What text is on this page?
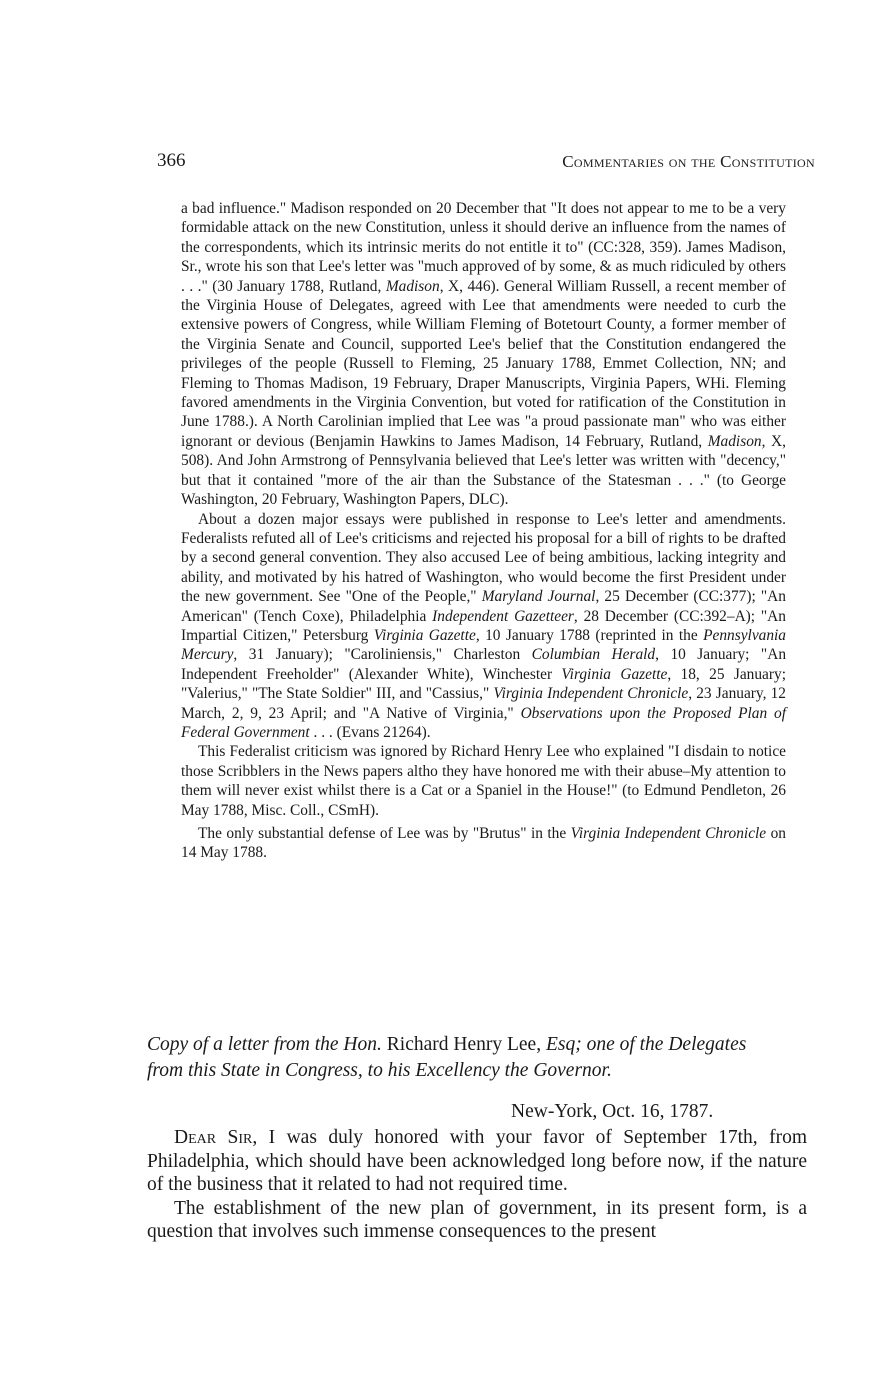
366	Commentaries on the Constitution

a bad influence." Madison responded on 20 December that "It does not appear to me to be a very formidable attack on the new Constitution, unless it should derive an influence from the names of the correspondents, which its intrinsic merits do not entitle it to" (CC:328, 359). James Madison, Sr., wrote his son that Lee's letter was "much approved of by some, & as much ridiculed by others . . ." (30 January 1788, Rutland, Madison, X, 446). General William Russell, a recent member of the Virginia House of Delegates, agreed with Lee that amendments were needed to curb the extensive powers of Congress, while William Fleming of Botetourt County, a former member of the Virginia Senate and Council, supported Lee's belief that the Constitution endangered the privileges of the people (Russell to Fleming, 25 January 1788, Emmet Collection, NN; and Fleming to Thomas Madison, 19 February, Draper Manuscripts, Virginia Papers, WHi. Fleming favored amendments in the Virginia Convention, but voted for ratification of the Constitution in June 1788.). A North Carolinian implied that Lee was "a proud passionate man" who was either ignorant or devious (Benjamin Hawkins to James Madison, 14 February, Rutland, Madison, X, 508). And John Armstrong of Pennsylvania believed that Lee's letter was written with "decency," but that it contained "more of the air than the Substance of the Statesman . . ." (to George Washington, 20 February, Washington Papers, DLC).

About a dozen major essays were published in response to Lee's letter and amendments. Federalists refuted all of Lee's criticisms and rejected his proposal for a bill of rights to be drafted by a second general convention. They also accused Lee of being ambitious, lacking integrity and ability, and motivated by his hatred of Washington, who would become the first President under the new government. See "One of the People," Maryland Journal, 25 December (CC:377); "An American" (Tench Coxe), Philadelphia Independent Gazetteer, 28 December (CC:392–A); "An Impartial Citizen," Petersburg Virginia Gazette, 10 January 1788 (reprinted in the Pennsylvania Mercury, 31 January); "Caroliniensis," Charleston Columbian Herald, 10 January; "An Independent Freeholder" (Alexander White), Winchester Virginia Gazette, 18, 25 January; "Valerius," "The State Soldier" III, and "Cassius," Virginia Independent Chronicle, 23 January, 12 March, 2, 9, 23 April; and "A Native of Virginia," Observations upon the Proposed Plan of Federal Government . . . (Evans 21264).

This Federalist criticism was ignored by Richard Henry Lee who explained "I disdain to notice those Scribblers in the News papers altho they have honored me with their abuse–My attention to them will never exist whilst there is a Cat or a Spaniel in the House!" (to Edmund Pendleton, 26 May 1788, Misc. Coll., CSmH).

The only substantial defense of Lee was by "Brutus" in the Virginia Independent Chronicle on 14 May 1788.

Copy of a letter from the Hon. Richard Henry Lee, Esq; one of the Delegates

from this State in Congress, to his Excellency the Governor.

New-York, Oct. 16, 1787.

Dear Sir, I was duly honored with your favor of September 17th, from Philadelphia, which should have been acknowledged long before now, if the nature of the business that it related to had not required time.

The establishment of the new plan of government, in its present form, is a question that involves such immense consequences to the present
